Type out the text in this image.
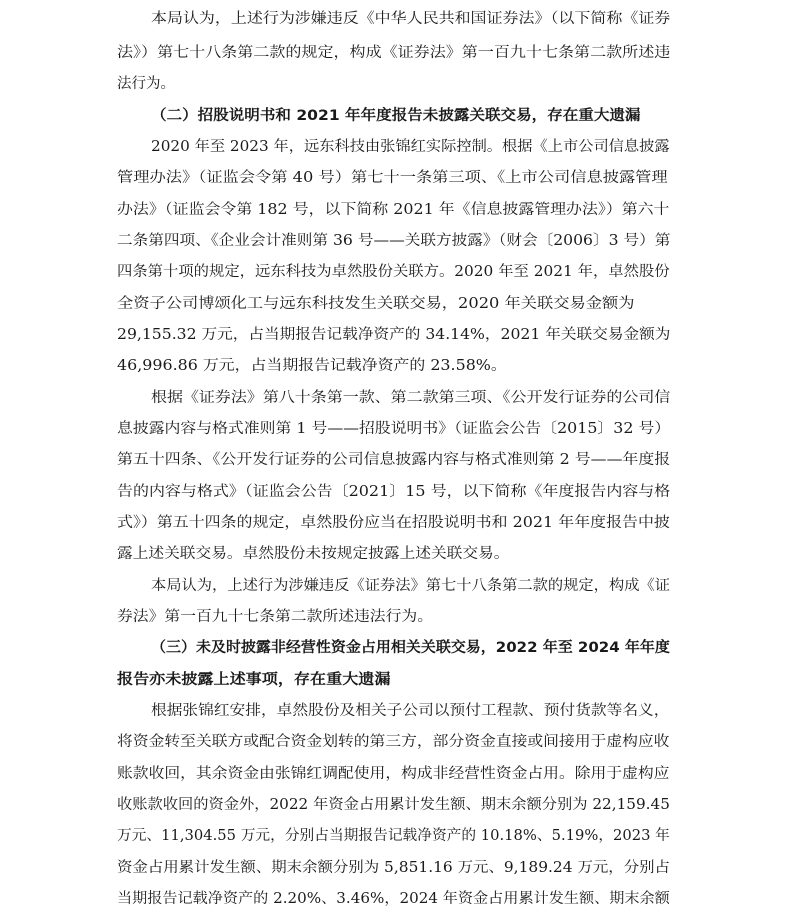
本局认为，上述行为涉嫌违反《中华人民共和国证券法》（以下简称《证券
法》）第七十八条第二款的规定，构成《证券法》第一百九十七条第二款所述违
法行为。
（二）招股说明书和 2021 年年度报告未披露关联交易，存在重大遗漏
2020 年至 2023 年，远东科技由张锦红实际控制。根据《上市公司信息披露
管理办法》（证监会令第 40 号）第七十一条第三项、《上市公司信息披露管理
办法》（证监会令第 182 号，以下简称 2021 年《信息披露管理办法》）第六十
二条第四项、《企业会计准则第 36 号——关联方披露》（财会〔2006〕3 号）第
四条第十项的规定，远东科技为卓然股份关联方。2020 年至 2021 年，卓然股份
全资子公司博颂化工与远东科技发生关联交易，2020 年关联交易金额为
29,155.32 万元，占当期报告记载净资产的 34.14%，2021 年关联交易金额为
46,996.86 万元，占当期报告记载净资产的 23.58%。
根据《证券法》第八十条第一款、第二款第三项、《公开发行证券的公司信
息披露内容与格式准则第 1 号——招股说明书》（证监会公告〔2015〕32 号）
第五十四条、《公开发行证券的公司信息披露内容与格式准则第 2 号——年度报
告的内容与格式》（证监会公告〔2021〕15 号，以下简称《年度报告内容与格
式》）第五十四条的规定，卓然股份应当在招股说明书和 2021 年年度报告中披
露上述关联交易。卓然股份未按规定披露上述关联交易。
本局认为，上述行为涉嫌违反《证券法》第七十八条第二款的规定，构成《证
券法》第一百九十七条第二款所述违法行为。
（三）未及时披露非经营性资金占用相关关联交易，2022 年至 2024 年年度
报告亦未披露上述事项，存在重大遗漏
根据张锦红安排，卓然股份及相关子公司以预付工程款、预付货款等名义，
将资金转至关联方或配合资金划转的第三方，部分资金直接或间接用于虚构应收
账款收回，其余资金由张锦红调配使用，构成非经营性资金占用。除用于虚构应
收账款收回的资金外，2022 年资金占用累计发生额、期末余额分别为 22,159.45
万元、11,304.55 万元，分别占当期报告记载净资产的 10.18%、5.19%，2023 年
资金占用累计发生额、期末余额分别为 5,851.16 万元、9,189.24 万元，分别占
当期报告记载净资产的 2.20%、3.46%，2024 年资金占用累计发生额、期末余额
